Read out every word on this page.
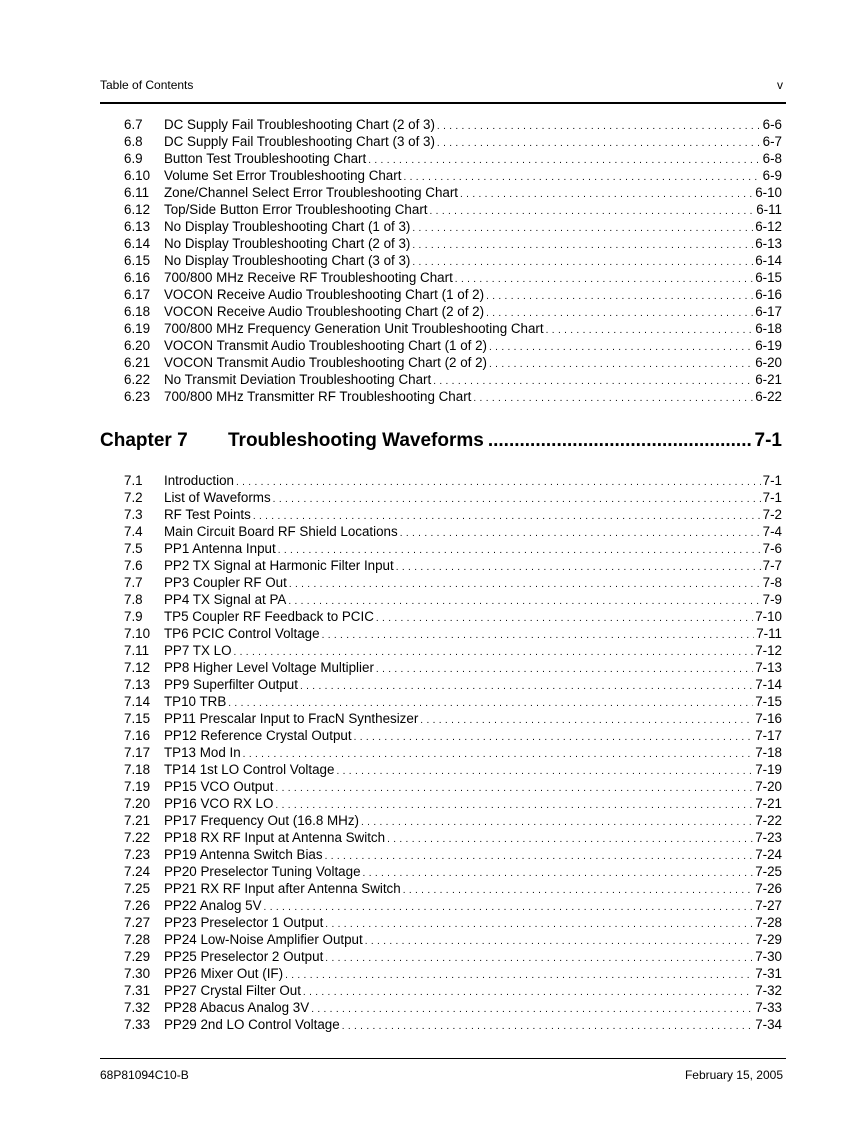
Table of Contents	v
6.7	DC Supply Fail Troubleshooting Chart (2 of 3) . . .	6-6
6.8	DC Supply Fail Troubleshooting Chart (3 of 3) . . .	6-7
6.9	Button Test Troubleshooting Chart . . .	6-8
6.10	Volume Set Error Troubleshooting Chart . . .	6-9
6.11	Zone/Channel Select Error Troubleshooting Chart . . .	6-10
6.12	Top/Side Button Error Troubleshooting Chart . . .	6-11
6.13	No Display Troubleshooting Chart (1 of 3) . . .	6-12
6.14	No Display Troubleshooting Chart (2 of 3) . . .	6-13
6.15	No Display Troubleshooting Chart (3 of 3) . . .	6-14
6.16	700/800 MHz Receive RF Troubleshooting Chart . . .	6-15
6.17	VOCON Receive Audio Troubleshooting Chart (1 of 2) . . .	6-16
6.18	VOCON Receive Audio Troubleshooting Chart (2 of 2) . . .	6-17
6.19	700/800 MHz Frequency Generation Unit Troubleshooting Chart . . .	6-18
6.20	VOCON Transmit Audio Troubleshooting Chart (1 of 2) . . .	6-19
6.21	VOCON Transmit Audio Troubleshooting Chart (2 of 2) . . .	6-20
6.22	No Transmit Deviation Troubleshooting Chart . . .	6-21
6.23	700/800 MHz Transmitter RF Troubleshooting Chart . . .	6-22
Chapter 7	Troubleshooting Waveforms .....	7-1
7.1	Introduction . . .	7-1
7.2	List of Waveforms . . .	7-1
7.3	RF Test Points . . .	7-2
7.4	Main Circuit Board RF Shield Locations . . .	7-4
7.5	PP1 Antenna Input . . .	7-6
7.6	PP2 TX Signal at Harmonic Filter Input . . .	7-7
7.7	PP3 Coupler RF Out . . .	7-8
7.8	PP4 TX Signal at PA . . .	7-9
7.9	TP5 Coupler RF Feedback to PCIC . . .	7-10
7.10	TP6 PCIC Control Voltage . . .	7-11
7.11	PP7 TX LO . . .	7-12
7.12	PP8 Higher Level Voltage Multiplier . . .	7-13
7.13	PP9 Superfilter Output . . .	7-14
7.14	TP10 TRB . . .	7-15
7.15	PP11 Prescalar Input to FracN Synthesizer . . .	7-16
7.16	PP12 Reference Crystal Output . . .	7-17
7.17	TP13 Mod In . . .	7-18
7.18	TP14 1st LO Control Voltage . . .	7-19
7.19	PP15 VCO Output . . .	7-20
7.20	PP16 VCO RX LO . . .	7-21
7.21	PP17 Frequency Out (16.8 MHz) . . .	7-22
7.22	PP18 RX RF Input at Antenna Switch . . .	7-23
7.23	PP19 Antenna Switch Bias . . .	7-24
7.24	PP20 Preselector Tuning Voltage . . .	7-25
7.25	PP21 RX RF Input after Antenna Switch . . .	7-26
7.26	PP22 Analog 5V . . .	7-27
7.27	PP23 Preselector 1 Output . . .	7-28
7.28	PP24 Low-Noise Amplifier Output . . .	7-29
7.29	PP25 Preselector 2 Output . . .	7-30
7.30	PP26 Mixer Out (IF) . . .	7-31
7.31	PP27 Crystal Filter Out . . .	7-32
7.32	PP28 Abacus Analog 3V . . .	7-33
7.33	PP29 2nd LO Control Voltage . . .	7-34
68P81094C10-B	February 15, 2005
